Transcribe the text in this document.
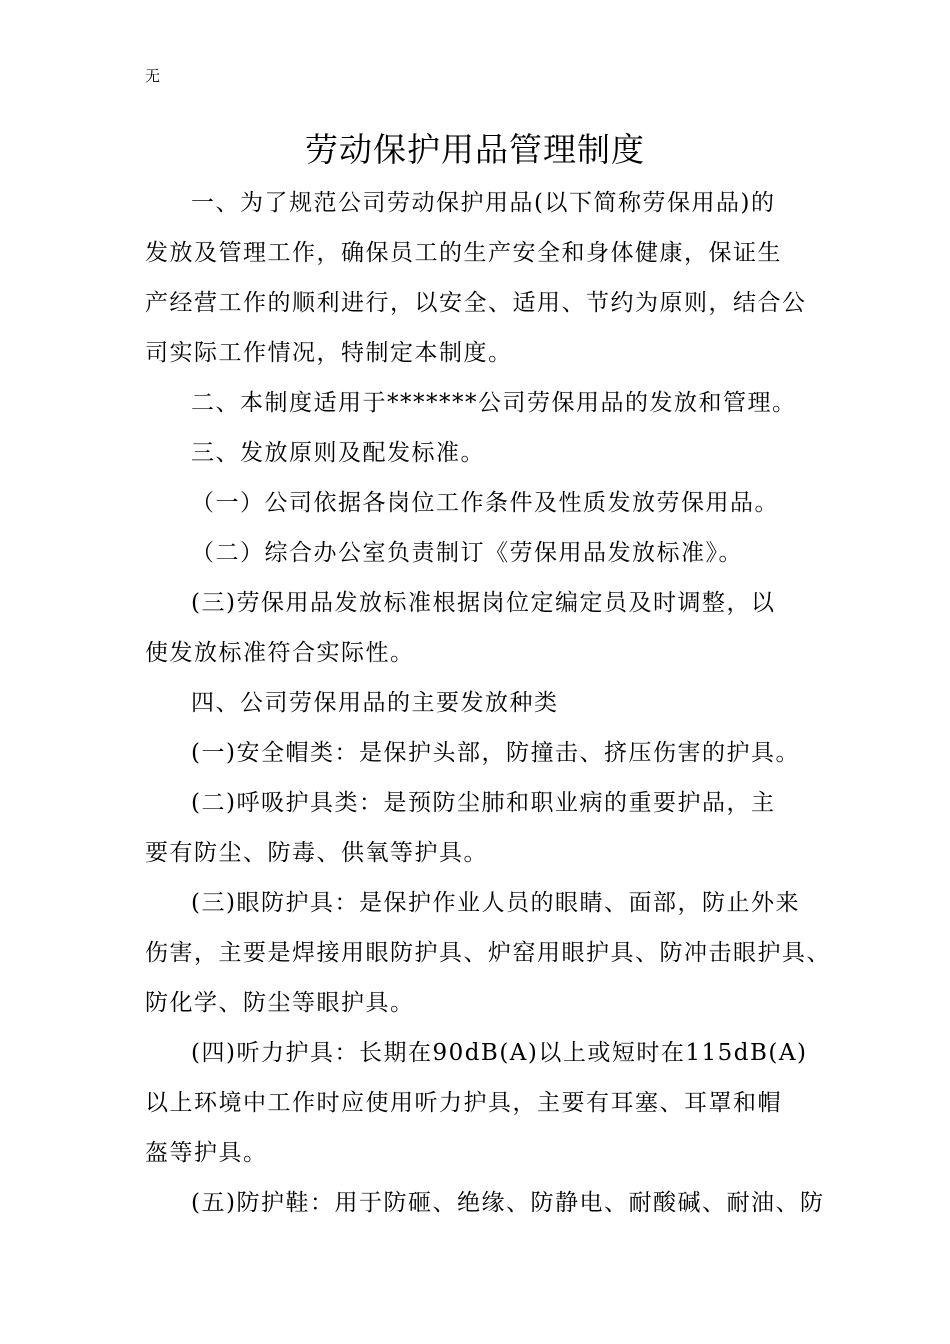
无
劳动保护用品管理制度
一、为了规范公司劳动保护用品(以下简称劳保用品)的
发放及管理工作，确保员工的生产安全和身体健康，保证生
产经营工作的顺利进行，以安全、适用、节约为原则，结合公
司实际工作情况，特制定本制度。
二、本制度适用于*******公司劳保用品的发放和管理。
三、发放原则及配发标准。
（一）公司依据各岗位工作条件及性质发放劳保用品。
（二）综合办公室负责制订《劳保用品发放标准》。
(三)劳保用品发放标准根据岗位定编定员及时调整，以
使发放标准符合实际性。
四、公司劳保用品的主要发放种类
(一)安全帽类：是保护头部，防撞击、挤压伤害的护具。
(二)呼吸护具类：是预防尘肺和职业病的重要护品，主
要有防尘、防毒、供氧等护具。
(三)眼防护具：是保护作业人员的眼睛、面部，防止外来
伤害，主要是焊接用眼防护具、炉窑用眼护具、防冲击眼护具、
防化学、防尘等眼护具。
(四)听力护具：长期在90dB(A)以上或短时在115dB(A)
以上环境中工作时应使用听力护具，主要有耳塞、耳罩和帽
盔等护具。
(五)防护鞋：用于防砸、绝缘、防静电、耐酸碱、耐油、防
